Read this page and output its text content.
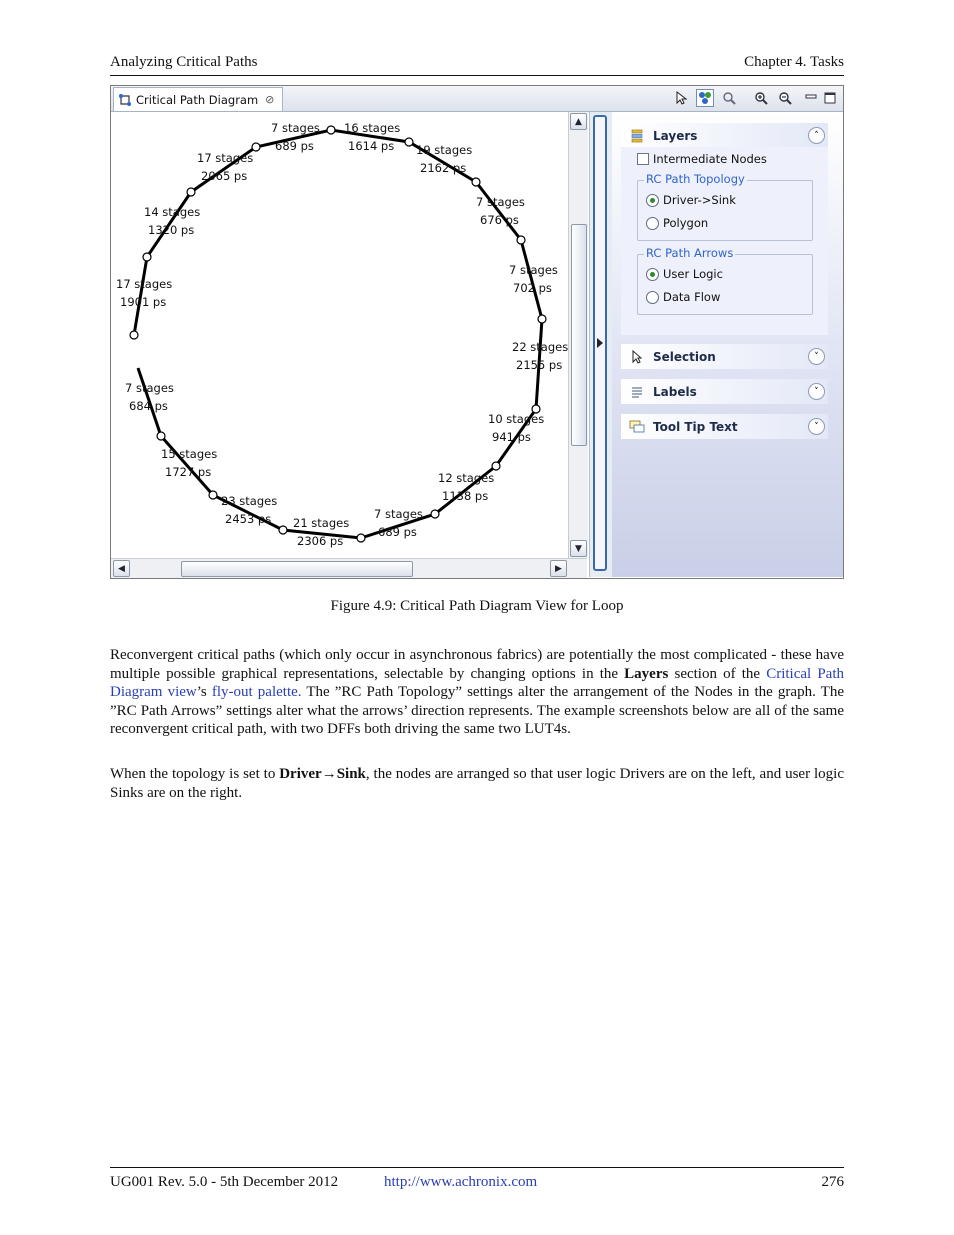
Analyzing Critical Paths	Chapter 4. Tasks
Critical Path Diagram ⊘
16 stages
1614 ps
7 stages
689 ps
17 stages
2065 ps
14 stages
1320 ps
17 stages
1901 ps
19 stages
2162 ps
7 stages
676 ps
7 stages
702 ps
22 stages
2155 ps
10 stages
941 ps
12 stages
1138 ps
7 stages
689 ps
21 stages
2306 ps
23 stages
2453 ps
15 stages
1727 ps
7 stages
684 ps
▲
▼
◀	▶
Layers	˄
Intermediate Nodes
RC Path Topology
Driver->Sink
Polygon
RC Path Arrows
User Logic
Data Flow
Selection	˅
Labels	˅
Tool Tip Text	˅
Figure 4.9: Critical Path Diagram View for Loop

Reconvergent critical paths (which only occur in asynchronous fabrics) are potentially the most complicated - these have multiple possible graphical representations, selectable by changing options in the Layers section of the Critical Path Diagram view’s fly-out palette. The ”RC Path Topology” settings alter the arrangement of the Nodes in the graph. The ”RC Path Arrows” settings alter what the arrows’ direction represents. The example screenshots below are all of the same reconvergent critical path, with two DFFs both driving the same two LUT4s.

When the topology is set to Driver→Sink, the nodes are arranged so that user logic Drivers are on the left, and user logic Sinks are on the right.

UG001 Rev. 5.0 - 5th December 2012	http://www.achronix.com	276
